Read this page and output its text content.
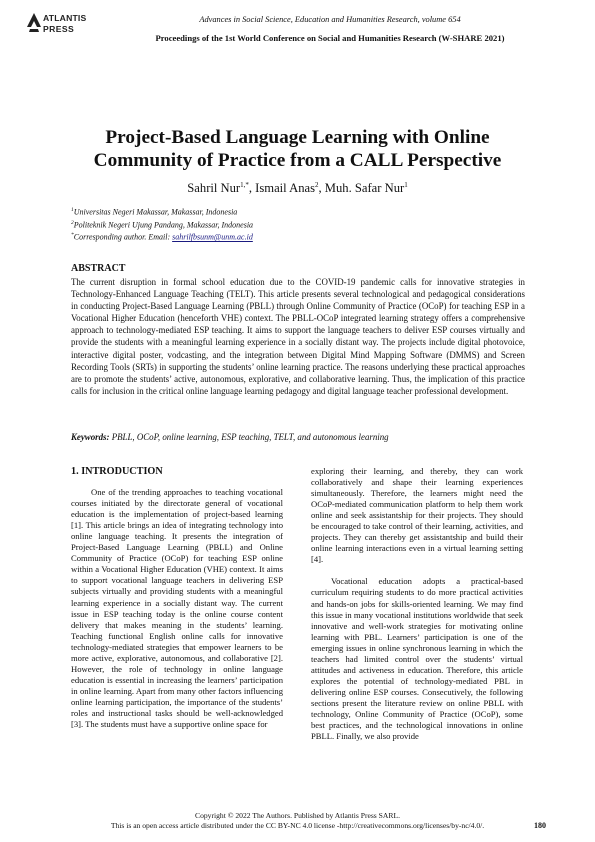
ATLANTIS
PRESS
Advances in Social Science, Education and Humanities Research, volume 654
Proceedings of the 1st World Conference on Social and Humanities Research (W-SHARE 2021)
Project-Based Language Learning with Online
Community of Practice from a CALL Perspective
Sahril Nur$^{1,*}$, Ismail Anas$^2$, Muh. Safar Nur$^1$
$^1$Universitas Negeri Makassar, Makassar, Indonesia
$^2$Politeknik Negeri Ujung Pandang, Makassar, Indonesia
*Corresponding author. Email: sahrilfbsunm@unm.ac.id
ABSTRACT
The current disruption in formal school education due to the COVID-19 pandemic calls for innovative strategies in Technology-Enhanced Language Teaching (TELT). This article presents several technological and pedagogical considerations in conducting Project-Based Language Learning (PBLL) through Online Community of Practice (OCoP) for teaching ESP in a Vocational Higher Education (henceforth VHE) context. The PBLL-OCoP integrated learning strategy offers a comprehensive approach to technology-mediated ESP teaching. It aims to support the language teachers to deliver ESP courses virtually and provide the students with a meaningful learning experience in a socially distant way. The projects include digital photovoice, interactive digital poster, vodcasting, and the integration between Digital Mind Mapping Software (DMMS) and Screen Recording Tools (SRTs) in supporting the students’ online learning practice. The reasons underlying these practical approaches are to promote the students’ active, autonomous, explorative, and collaborative learning. Thus, the implication of this practice calls for inclusion in the critical online language learning pedagogy and digital language teacher professional development.
Keywords: PBLL, OCoP, online learning, ESP teaching, TELT, and autonomous learning
1. INTRODUCTION

One of the trending approaches to teaching vocational courses initiated by the directorate general of vocational education is the implementation of project-based learning [1]. This article brings an idea of integrating technology into online language teaching. It presents the integration of Project-Based Language Learning (PBLL) and Online Community of Practice (OCoP) for teaching ESP online within a Vocational Higher Education (VHE) context. It aims to support vocational language teachers in delivering ESP subjects virtually and providing students with a meaningful learning experience in a socially distant way. The current issue in ESP teaching today is the online course content delivery that makes meaning in the students’ learning. Teaching functional English online calls for innovative technology-mediated strategies that empower learners to be more active, explorative, autonomous, and collaborative [2]. However, the role of technology in online language education is essential in increasing the learners’ participation in online learning. Apart from many other factors influencing online learning participation, the importance of the students’ roles and instructional tasks should be well-acknowledged [3]. The students must have a supportive online space for

exploring their learning, and thereby, they can work collaboratively and shape their learning experiences simultaneously. Therefore, the learners might need the OCoP-mediated communication platform to help them work online and seek assistantship for their projects. They should be encouraged to take control of their learning, activities, and projects. They can thereby get assistantship and build their online learning interactions even in a virtual learning setting [4].

Vocational education adopts a practical-based curriculum requiring students to do more practical activities and hands-on jobs for skills-oriented learning. We may find this issue in many vocational institutions worldwide that seek innovative and well-work strategies for motivating online learning with PBL. Learners’ participation is one of the emerging issues in online synchronous learning in which the teachers had limited control over the students’ virtual attitudes and activeness in education. Therefore, this article explores the potential of technology-mediated PBL in delivering online ESP courses. Consecutively, the following sections present the literature review on online PBLL with technology, Online Community of Practice (OCoP), some best practices, and the technological innovations in online PBLL. Finally, we also provide

Copyright © 2022 The Authors. Published by Atlantis Press SARL.
This is an open access article distributed under the CC BY-NC 4.0 license -http://creativecommons.org/licenses/by-nc/4.0/.	180
